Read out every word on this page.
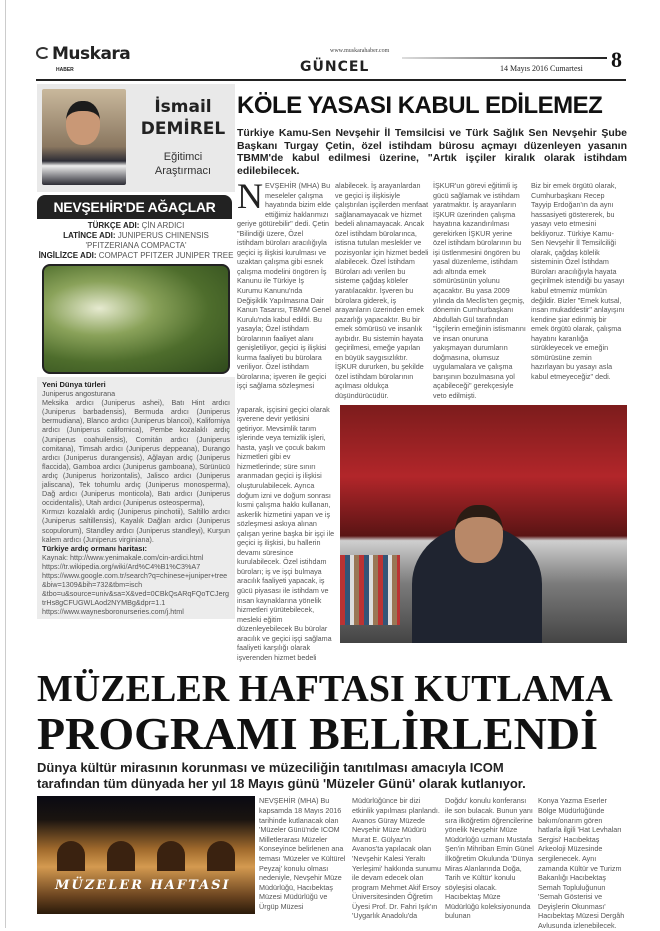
Muskara
HABER
www.muskarahaber.com
GÜNCEL	14 Mayıs 2016 Cumartesi 8
İsmail
DEMİREL
Eğitimci
Araştırmacı
NEVŞEHİR'DE AĞAÇLAR
TÜRKÇE ADI: ÇİN ARDICI
LATİNCE ADI: JUNIPERUS CHINENSIS 'PFITZERIANA COMPACTA'
İNGİLİZCE ADI: COMPACT PFITZER JUNIPER TREE
Yeni Dünya türleri
Juniperus angosturana
Meksika ardıcı (Juniperus ashei), Batı Hint ardıcı (Juniperus barbadensis), Bermuda ardıcı (Juniperus bermudiana), Blanco ardıcı (Juniperus blancoi), Kaliforniya ardıcı (Juniperus californica), Pembe kozalaklı ardıç (Juniperus coahuilensis), Comitán ardıcı (Juniperus comitana), Timsah ardıcı (Juniperus deppeana), Durango ardıcı (Juniperus durangensis), Ağlayan ardıç (Juniperus flaccida), Gamboa ardıcı (Juniperus gamboana), Sürünücü ardıç (Juniperus horizontalis), Jalisco ardıcı (Juniperus jaliscana), Tek tohumlu ardıç (Juniperus monosperma), Dağ ardıcı (Juniperus monticola), Batı ardıcı (Juniperus occidentalis), Utah ardıcı (Juniperus osteosperma),
Kırmızı kozalaklı ardıç (Juniperus pinchotii), Saltillo ardıcı (Juniperus saltillensis), Kayalık Dağları ardıcı (Juniperus scopulorum), Standley ardıcı (Juniperus standleyi), Kurşun kalem ardıcı (Juniperus virginiana).
Türkiye ardıç ormanı haritası:
Kaynak: http://www.yenimakale.com/cin-ardici.html
https://tr.wikipedia.org/wiki/Ard%C4%B1%C3%A7
https://www.google.com.tr/search?q=chinese+juniper+tree&biw=1309&bih=732&tbm=isch
&tbo=u&source=univ&sa=X&ved=0CBkQsARqFQoTCJergtrHs8gCFUGWLAod2NYMBg&dpr=1.1
https://www.waynesboronurseries.com/j.html
KÖLE YASASI KABUL EDİLEMEZ
Türkiye Kamu-Sen Nevşehir İl Temsilcisi ve Türk Sağlık Sen Nevşehir Şube Başkanı Turgay Çetin, özel istihdam bürosu açmayı düzenleyen yasanın TBMM'de kabul edilmesi üzerine, "Artık işçiler kiralık olarak istihdam edilebilecek.
NEVŞEHİR (MHA) Bu meseleler çalışma hayatında bizim elde ettiğimiz haklarımızı geriye götürebilir" dedi. Çetin "Bilindiği üzere, Özel istihdam büroları aracılığıyla geçici iş ilişkisi kurulması ve uzaktan çalışma gibi esnek çalışma modelini öngören İş Kanunu ile Türkiye İş Kurumu Kanunu'nda Değişiklik Yapılmasına Dair Kanun Tasarısı, TBMM Genel Kurulu'nda kabul edildi. Bu yasayla; Özel istihdam bürolarının faaliyet alanı genişletiliyor, geçici iş ilişkisi kurma faaliyeti bu bürolara veriliyor. Özel istihdam bürolarına; işveren ile geçici işçi sağlama sözleşmesi
alabilecek. İş arayanlardan ve geçici iş ilişkisiyle çalıştırılan işçilerden menfaat sağlanamayacak ve hizmet bedeli alınamayacak. Ancak özel istihdam bürolarınca, istisna tutulan meslekler ve pozisyonlar için hizmet bedeli alabilecek. Özel İstihdam Büroları adı verilen bu sisteme çağdaş köleler yaratılacaktır. İşveren bu bürolara giderek, iş arayanların üzerinden emek pazarlığı yapacaktır. Bu bir emek sömürüsü ve insanlık ayıbıdır. Bu sistemin hayata geçirilmesi, emeğe yapılan en büyük saygısızlıktır. İŞKUR dururken, bu şekilde özel istihdam bürolarının açılması oldukça düşündürücüdür.
İŞKUR'un görevi eğitimli iş gücü sağlamak ve istihdam yaratmaktır. İş arayanların İŞKUR üzerinden çalışma hayatına kazandırılması gerekirken İŞKUR yerine özel istihdam bürolarının bu işi üstlenmesini öngören bu yasal düzenleme, istihdam adı altında emek sömürüsünün yolunu açacaktır. Bu yasa 2009 yılında da Meclis'ten geçmiş, dönemin Cumhurbaşkanı Abdullah Gül tarafından "İşçilerin emeğinin istismarını ve insan onuruna yakışmayan durumların doğmasına, olumsuz uygulamalara ve çalışma barışının bozulmasına yol açabileceği" gerekçesiyle veto edilmişti.
Biz bir emek örgütü olarak, Cumhurbaşkanı Recep Tayyip Erdoğan'ın da aynı hassasiyeti göstererek, bu yasayı veto etmesini bekliyoruz. Türkiye Kamu-Sen Nevşehir İl Temsilciliği olarak, çağdaş kölelik sisteminin Özel İstihdam Büroları aracılığıyla hayata geçirilmek istendiği bu yasayı kabul etmemiz mümkün değildir. Bizler "Emek kutsal, insan mukaddestir" anlayışını kendine şiar edinmiş bir emek örgütü olarak, çalışma hayatını karanlığa sürükleyecek ve emeğin sömürüsüne zemin hazırlayan bu yasayı asla kabul etmeyeceğiz" dedi.
yaparak, işçisini geçici olarak işverene devir yetkisini getiriyor. Mevsimlik tarım işlerinde veya temizlik işleri, hasta, yaşlı ve çocuk bakım hizmetleri gibi ev hizmetlerinde; süre sınırı aranmadan geçici iş ilişkisi oluşturulabilecek. Ayrıca doğum izni ve doğum sonrası kısmi çalışma hakkı kullanan, askerlik hizmetini yapan ve iş sözleşmesi askıya alınan çalışan yerine başka bir işçi ile geçici iş ilişkisi, bu hallerin devamı süresince kurulabilecek. Özel istihdam büroları; iş ve işçi bulmaya aracılık faaliyeti yapacak, iş gücü piyasası ile istihdam ve insan kaynaklarına yönelik hizmetleri yürütebilecek, mesleki eğitim düzenleyebilecek Bu bürolar aracılık ve geçici işçi sağlama faaliyeti karşılığı olarak işverenden hizmet bedeli
MÜZELER HAFTASI KUTLAMA
PROGRAMI BELİRLENDİ
Dünya kültür mirasının korunması ve müzeciliğin tanıtılması amacıyla ICOM
tarafından tüm dünyada her yıl 18 Mayıs günü 'Müzeler Günü' olarak kutlanıyor.
MÜZELER HAFTASI
NEVŞEHİR (MHA) Bu kapsamda 18 Mayıs 2016 tarihinde kutlanacak olan 'Müzeler Günü'nde ICOM Milletlerarası Müzeler Konseyince belirlenen ana teması 'Müzeler ve Kültürel Peyzaj' konulu olması nedeniyle, Nevşehir Müze Müdürlüğü, Hacıbektaş Müzesi Müdürlüğü ve Ürgüp Müzesi
Müdürlüğünce bir dizi etkinlik yapılması planlandı. Avanos Güray Müzede Nevşehir Müze Müdürü Murat E. Gülyaz'ın Avanos'ta yapılacak olan 'Nevşehir Kalesi Yeraltı Yerleşimi' hakkında sunumu ile devam edecek olan program Mehmet Akif Ersoy Üniversitesinden Öğretim Üyesi Prof. Dr. Fahri Işık'ın 'Uygarlık Anadolu'da
Doğdu' konulu konferansı ile son bulacak. Bunun yanı sıra ilköğretim öğrencilerine yönelik Nevşehir Müze Müdürlüğü uzmanı Mustafa Şen'in Mihriban Emin Günel İlköğretim Okulunda 'Dünya Miras Alanlarında Doğa, Tarih ve Kültür' konulu söyleşisi olacak. Hacıbektaş Müze Müdürlüğü koleksiyonunda bulunan
Konya Yazma Eserler Bölge Müdürlüğünde bakım/onarım gören hatlarla ilgili 'Hat Levhaları Sergisi' Hacıbektaş Arkeoloji Müzesinde sergilenecek. Aynı zamanda Kültür ve Turizm Bakanlığı Hacıbektaş Semah Topluluğunun 'Semah Gösterisi ve Deyişlerin Okunması' Hacıbektaş Müzesi Dergâh Avlusunda izlenebilecek.
